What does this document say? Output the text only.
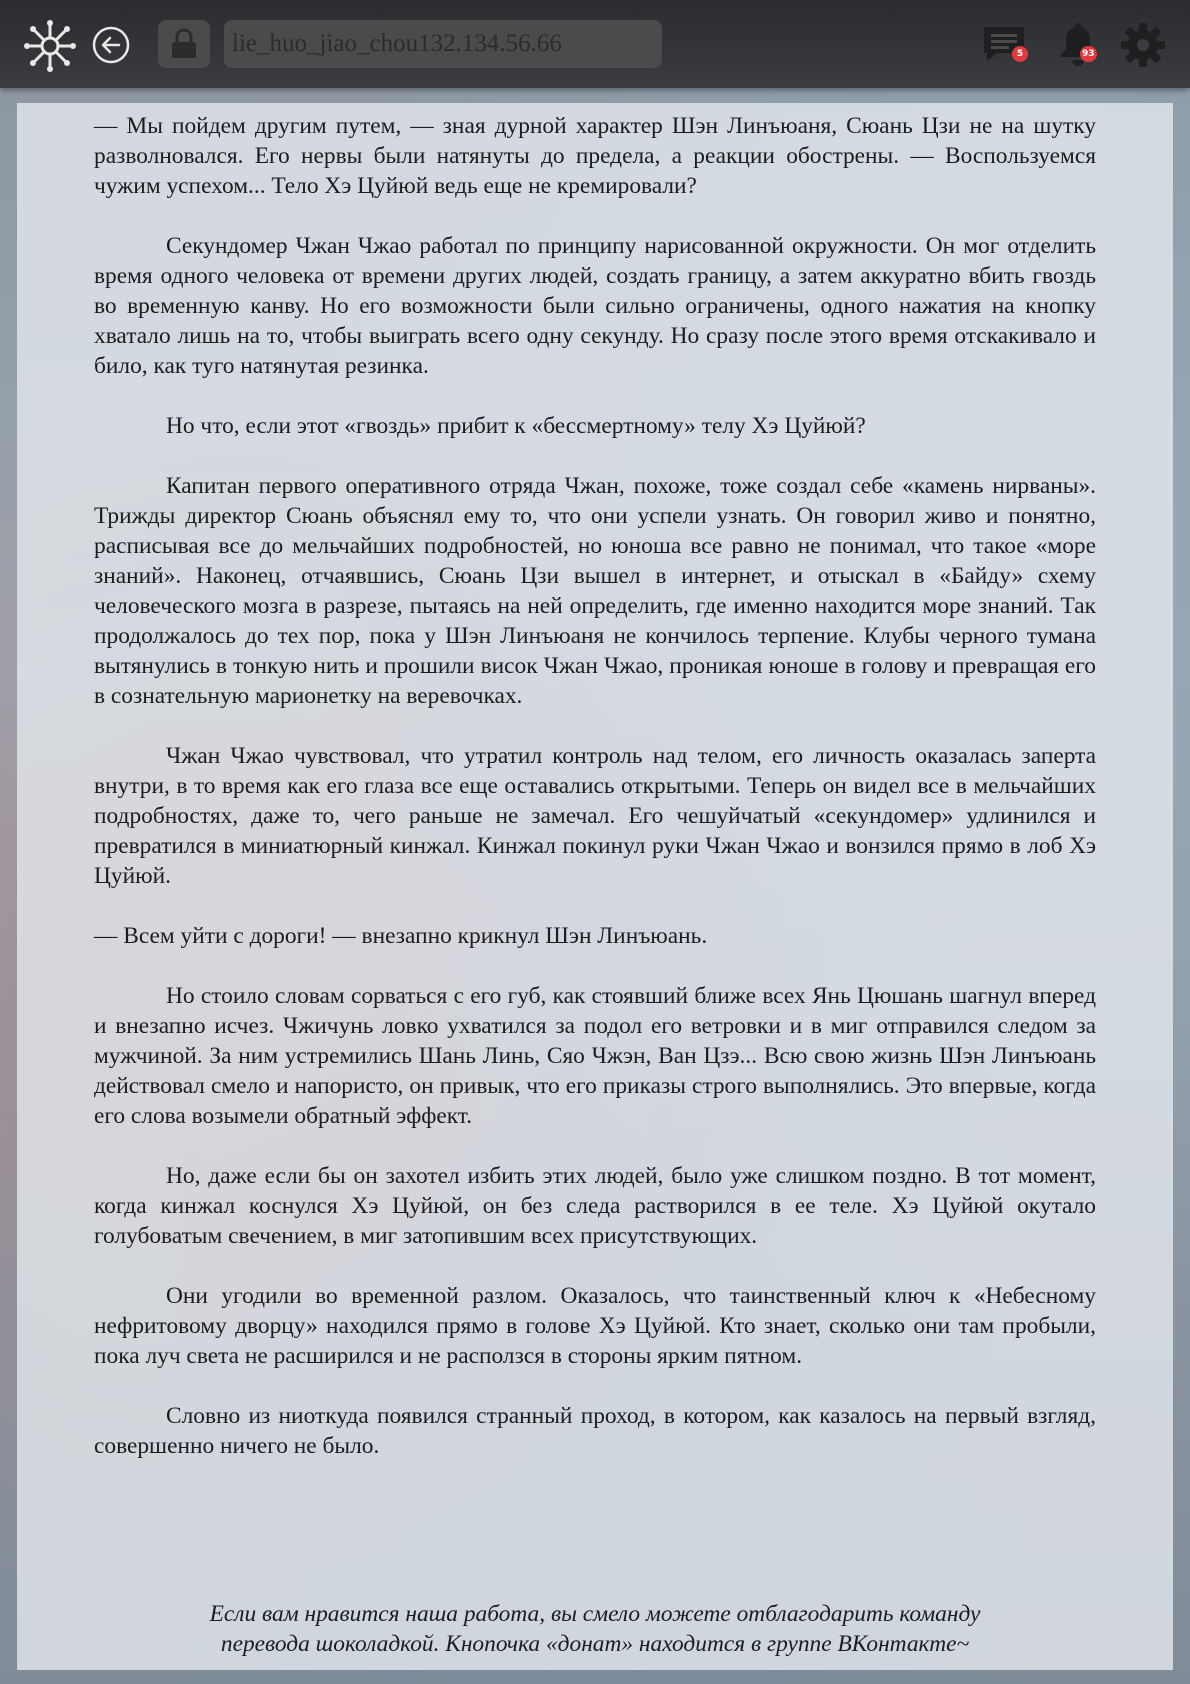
lie_huo_jiao_chou132.134.56.66	5	93

— Мы пойдем другим путем, — зная дурной характер Шэн Линъюаня, Сюань Цзи не на шутку разволновался. Его нервы были натянуты до предела, а реакции обострены. — Воспользуемся чужим успехом... Тело Хэ Цуйюй ведь еще не кремировали?

Секундомер Чжан Чжао работал по принципу нарисованной окружности. Он мог отделить время одного человека от времени других людей, создать границу, а затем аккуратно вбить гвоздь во временную канву. Но его возможности были сильно ограничены, одного нажатия на кнопку хватало лишь на то, чтобы выиграть всего одну секунду. Но сразу после этого время отскакивало и било, как туго натянутая резинка.

Но что, если этот «гвоздь» прибит к «бессмертному» телу Хэ Цуйюй?

Капитан первого оперативного отряда Чжан, похоже, тоже создал себе «камень нирваны». Трижды директор Сюань объяснял ему то, что они успели узнать. Он говорил живо и понятно, расписывая все до мельчайших подробностей, но юноша все равно не понимал, что такое «море знаний». Наконец, отчаявшись, Сюань Цзи вышел в интернет, и отыскал в «Байду» схему человеческого мозга в разрезе, пытаясь на ней определить, где именно находится море знаний. Так продолжалось до тех пор, пока у Шэн Линъюаня не кончилось терпение. Клубы черного тумана вытянулись в тонкую нить и прошили висок Чжан Чжао, проникая юноше в голову и превращая его в сознательную марионетку на веревочках.

Чжан Чжао чувствовал, что утратил контроль над телом, его личность оказалась заперта внутри, в то время как его глаза все еще оставались открытыми. Теперь он видел все в мельчайших подробностях, даже то, чего раньше не замечал. Его чешуйчатый «секундомер» удлинился и превратился в миниатюрный кинжал. Кинжал покинул руки Чжан Чжао и вонзился прямо в лоб Хэ Цуйюй.

— Всем уйти с дороги! — внезапно крикнул Шэн Линъюань.

Но стоило словам сорваться с его губ, как стоявший ближе всех Янь Цюшань шагнул вперед и внезапно исчез. Чжичунь ловко ухватился за подол его ветровки и в миг отправился следом за мужчиной. За ним устремились Шань Линь, Сяо Чжэн, Ван Цзэ... Всю свою жизнь Шэн Линъюань действовал смело и напористо, он привык, что его приказы строго выполнялись. Это впервые, когда его слова возымели обратный эффект.

Но, даже если бы он захотел избить этих людей, было уже слишком поздно. В тот момент, когда кинжал коснулся Хэ Цуйюй, он без следа растворился в ее теле. Хэ Цуйюй окутало голубоватым свечением, в миг затопившим всех присутствующих.

Они угодили во временной разлом. Оказалось, что таинственный ключ к «Небесному нефритовому дворцу» находился прямо в голове Хэ Цуйюй. Кто знает, сколько они там пробыли, пока луч света не расширился и не расползся в стороны ярким пятном.

Словно из ниоткуда появился странный проход, в котором, как казалось на первый взгляд, совершенно ничего не было.

Если вам нравится наша работа, вы смело можете отблагодарить команду
перевода шоколадкой. Кнопочка «донат» находится в группе ВКонтакте~
